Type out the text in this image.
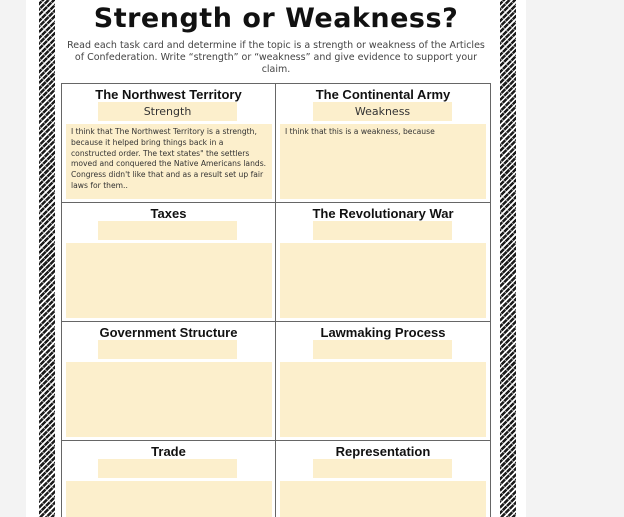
Strength or Weakness?

Read each task card and determine if the topic is a strength or weakness of the Articles of Confederation. Write “strength” or “weakness” and give evidence to support your claim.

The Northwest Territory

Strength
I think that The Northwest Territory is a strength, because it helped bring things back in a constructed order. The text states" the settlers moved and conquered the Native Americans lands. Congress didn't like that and as a result set up fair laws for them..

The Continental Army

Weakness
I think that this is a weakness, because

Taxes	The Revolutionary War

Government Structure	Lawmaking Process

Trade	Representation
